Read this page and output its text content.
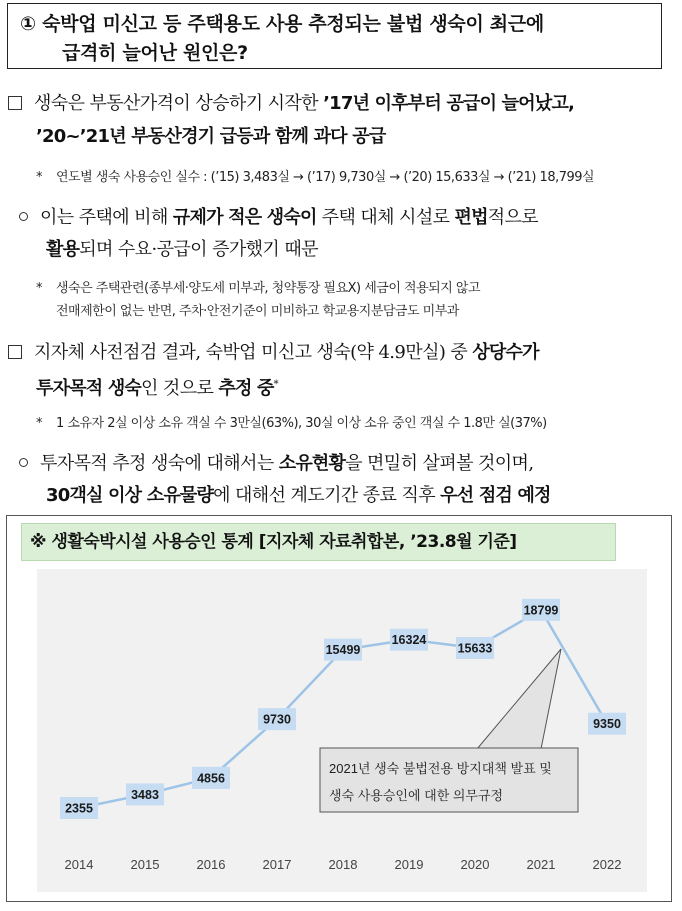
① 숙박업 미신고 등 주택용도 사용 추정되는 불법 생숙이 최근에
급격히 늘어난 원인은?
생숙은 부동산가격이 상승하기 시작한 ’17년 이후부터 공급이 늘어났고,
’20~’21년 부동산경기 급등과 함께 과다 공급
* 연도별 생숙 사용승인 실수 : (’15) 3,483실 → (’17) 9,730실 → (’20) 15,633실 → (’21) 18,799실
이는 주택에 비해 규제가 적은 생숙이 주택 대체 시설로 편법적으로
활용되며 수요·공급이 증가했기 때문
* 생숙은 주택관련(종부세·양도세 미부과, 청약통장 필요X) 세금이 적용되지 않고
전매제한이 없는 반면, 주차·안전기준이 미비하고 학교용지분담금도 미부과
지자체 사전점검 결과, 숙박업 미신고 생숙(약 4.9만실) 중 상당수가
투자목적 생숙인 것으로 추정 중*
* 1 소유자 2실 이상 소유 객실 수 3만실(63%), 30실 이상 소유 중인 객실 수 1.8만 실(37%)
투자목적 추정 생숙에 대해서는 소유현황을 면밀히 살펴볼 것이며,
30객실 이상 소유물량에 대해선 계도기간 종료 직후 우선 점검 예정
※ 생활숙박시설 사용승인 통계 [지자체 자료취합본, ’23.8월 기준]
2021년 생숙 불법전용 방지대책 발표 및
생숙 사용승인에 대한 의무규정
2355
3483
4856
9730
15499
16324
15633
18799
9350
2014	2015	2016	2017	2018	2019	2020	2021	2022
